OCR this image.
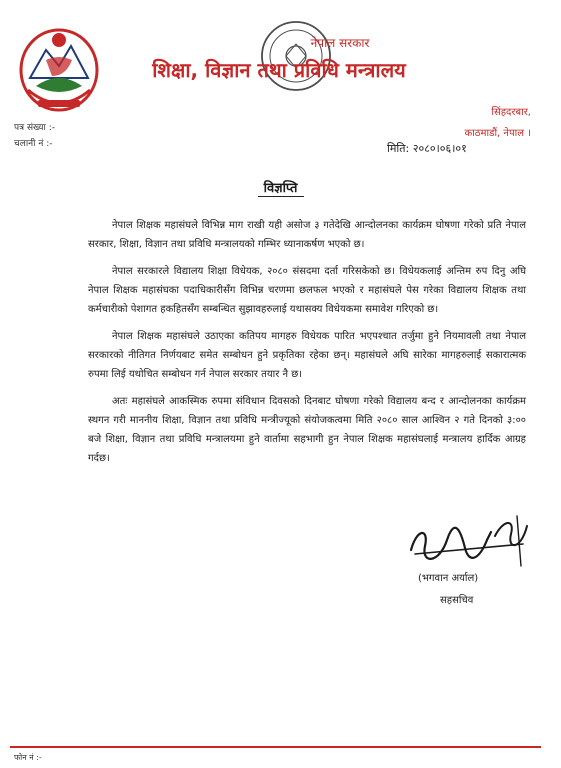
नेपाल सरकार
शिक्षा, विज्ञान तथा प्रविधि मन्त्रालय
सिंहदरबार,
काठमाडौं, नेपाल ।
पत्र संख्या :-
चलानी नं :-	मिति: २०८०।०६।०१
विज्ञप्ति

नेपाल शिक्षक महासंघले विभिन्न माग राखी यही असोज ३ गतेदेखि आन्दोलनका कार्यक्रम घोषणा गरेको प्रति नेपाल सरकार, शिक्षा, विज्ञान तथा प्रविधि मन्त्रालयको गम्भिर ध्यानाकर्षण भएको छ।

नेपाल सरकारले विद्यालय शिक्षा विधेयक, २०८० संसदमा दर्ता गरिसकेको छ। विधेयकलाई अन्तिम रुप दिनु अघि नेपाल शिक्षक महासंघका पदाधिकारीसँग विभिन्न चरणमा छलफल भएको र महासंघले पेस गरेका विद्यालय शिक्षक तथा कर्मचारीको पेशागत हकहितसँग सम्बन्धित सुझावहरुलाई यथासक्य विधेयकमा समावेश गरिएको छ।

नेपाल शिक्षक महासंघले उठाएका कतिपय मागहरु विधेयक पारित भएपश्चात तर्जुमा हुने नियमावली तथा नेपाल सरकारको नीतिगत निर्णयबाट समेत सम्बोधन हुने प्रकृतिका रहेका छन्। महासंघले अघि सारेका मागहरुलाई सकारात्मक रुपमा लिई यथोचित सम्बोधन गर्न नेपाल सरकार तयार नै छ।

अतः महासंघले आकस्मिक रुपमा संविधान दिवसको दिनबाट घोषणा गरेको विद्यालय बन्द र आन्दोलनका कार्यक्रम स्थगन गरी माननीय शिक्षा, विज्ञान तथा प्रविधि मन्त्रीज्यूको संयोजकत्वमा मिति २०८० साल आश्विन २ गते दिनको ३:०० बजे शिक्षा, विज्ञान तथा प्रविधि मन्त्रालयमा हुने वार्तामा सहभागी हुन नेपाल शिक्षक महासंघलाई मन्त्रालय हार्दिक आग्रह गर्दछ।

(भगवान अर्याल)
सहसचिव
फोन नं :-
